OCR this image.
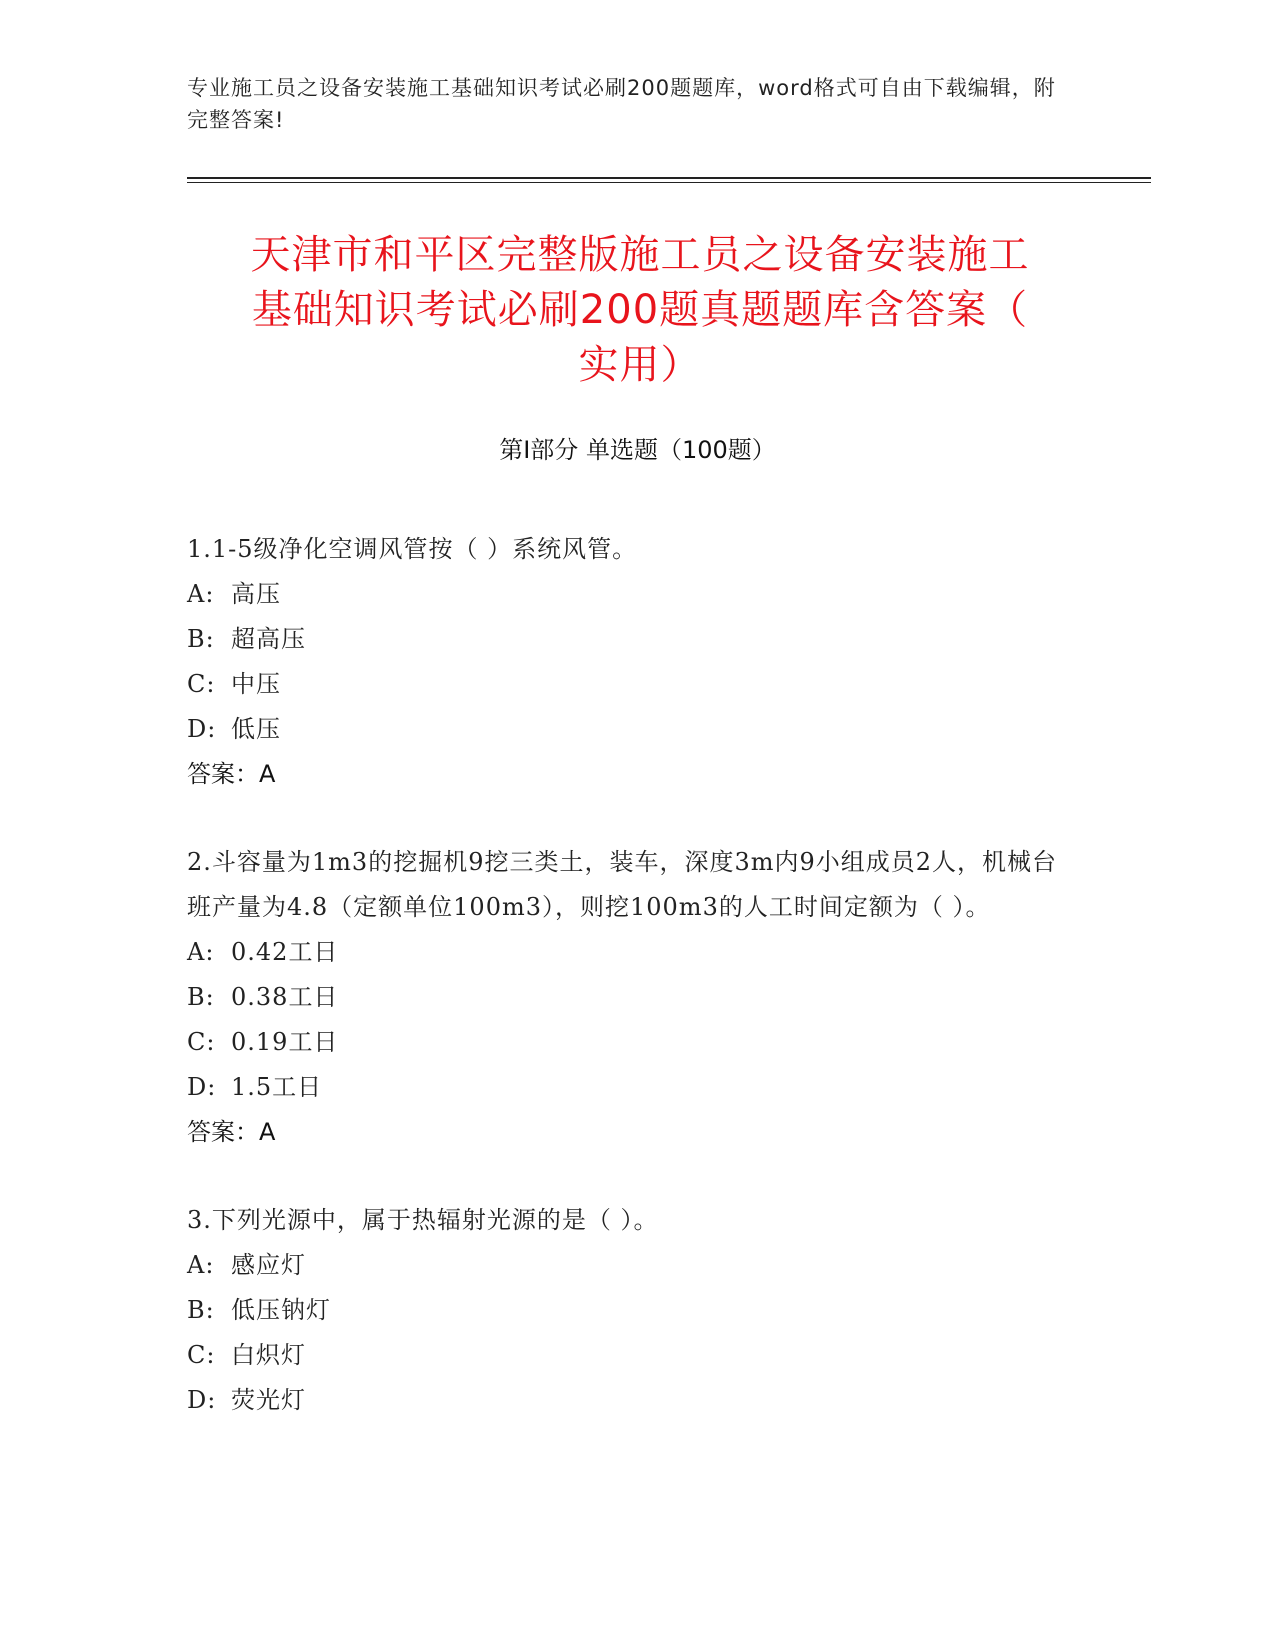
专业施工员之设备安装施工基础知识考试必刷200题题库，word格式可自由下载编辑，附完整答案!
天津市和平区完整版施工员之设备安装施工
基础知识考试必刷200题真题题库含答案（
实用）
第I部分 单选题（100题）
1.1-5级净化空调风管按（ ）系统风管。
A: 高压
B: 超高压
C: 中压
D: 低压
答案：A
2.斗容量为1m3的挖掘机9挖三类土，装车，深度3m内9小组成员2人，机械台班产量为4.8（定额单位100m3），则挖100m3的人工时间定额为（ ）。
A: 0.42工日
B: 0.38工日
C: 0.19工日
D: 1.5工日
答案：A
3.下列光源中，属于热辐射光源的是（ ）。
A: 感应灯
B: 低压钠灯
C: 白炽灯
D: 荧光灯
